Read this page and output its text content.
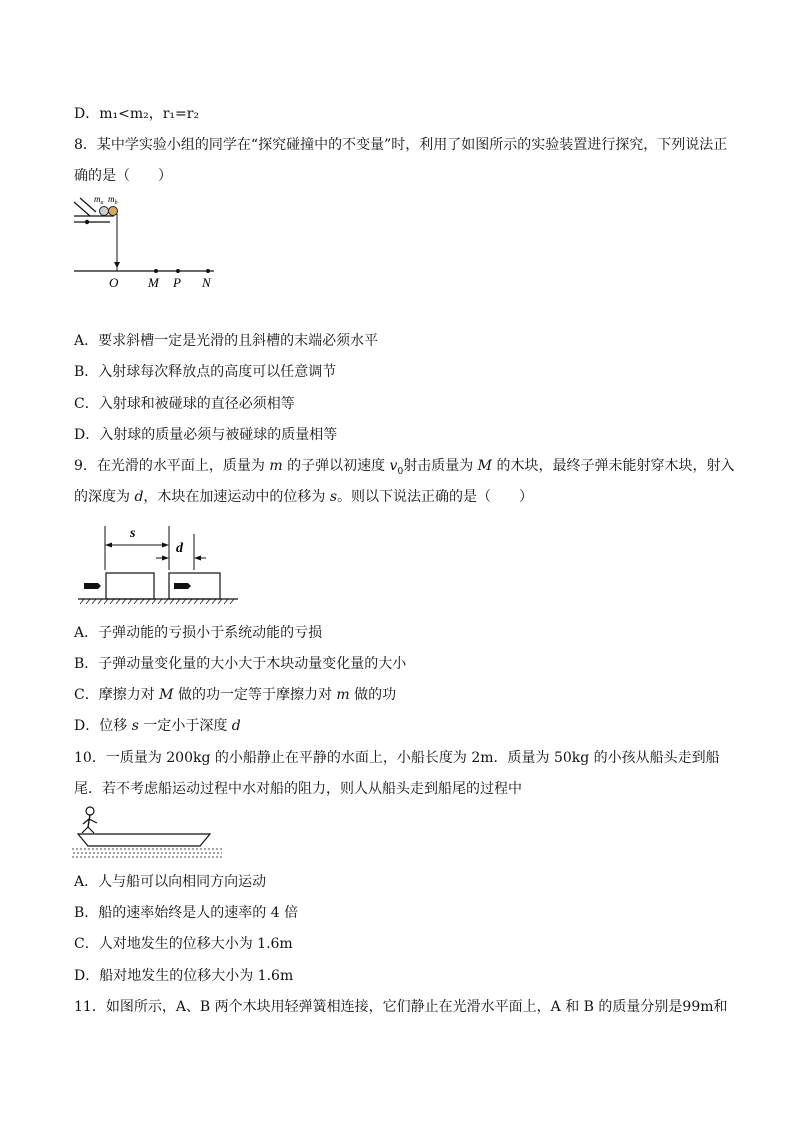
D．m₁<m₂，r₁=r₂
8．某中学实验小组的同学在“探究碰撞中的不变量”时，利用了如图所示的实验装置进行探究，下列说法正
确的是（　　）
$m_a$ $m_b$
O M P N
A．要求斜槽一定是光滑的且斜槽的末端必须水平
B．入射球每次释放点的高度可以任意调节
C．入射球和被碰球的直径必须相等
D．入射球的质量必须与被碰球的质量相等
9．在光滑的水平面上，质量为 m 的子弹以初速度 $v_0$射击质量为 M 的木块，最终子弹未能射穿木块，射入
的深度为 d，木块在加速运动中的位移为 s。则以下说法正确的是（　　）
s
d
A．子弹动能的亏损小于系统动能的亏损
B．子弹动量变化量的大小大于木块动量变化量的大小
C．摩擦力对 M 做的功一定等于摩擦力对 m 做的功
D．位移 s 一定小于深度 d
10．一质量为 200kg 的小船静止在平静的水面上，小船长度为 2m．质量为 50kg 的小孩从船头走到船
尾．若不考虑船运动过程中水对船的阻力，则人从船头走到船尾的过程中
A．人与船可以向相同方向运动
B．船的速率始终是人的速率的 4 倍
C．人对地发生的位移大小为 1.6m
D．船对地发生的位移大小为 1.6m
11．如图所示，A、B 两个木块用轻弹簧相连接，它们静止在光滑水平面上，A 和 B 的质量分别是99m和
